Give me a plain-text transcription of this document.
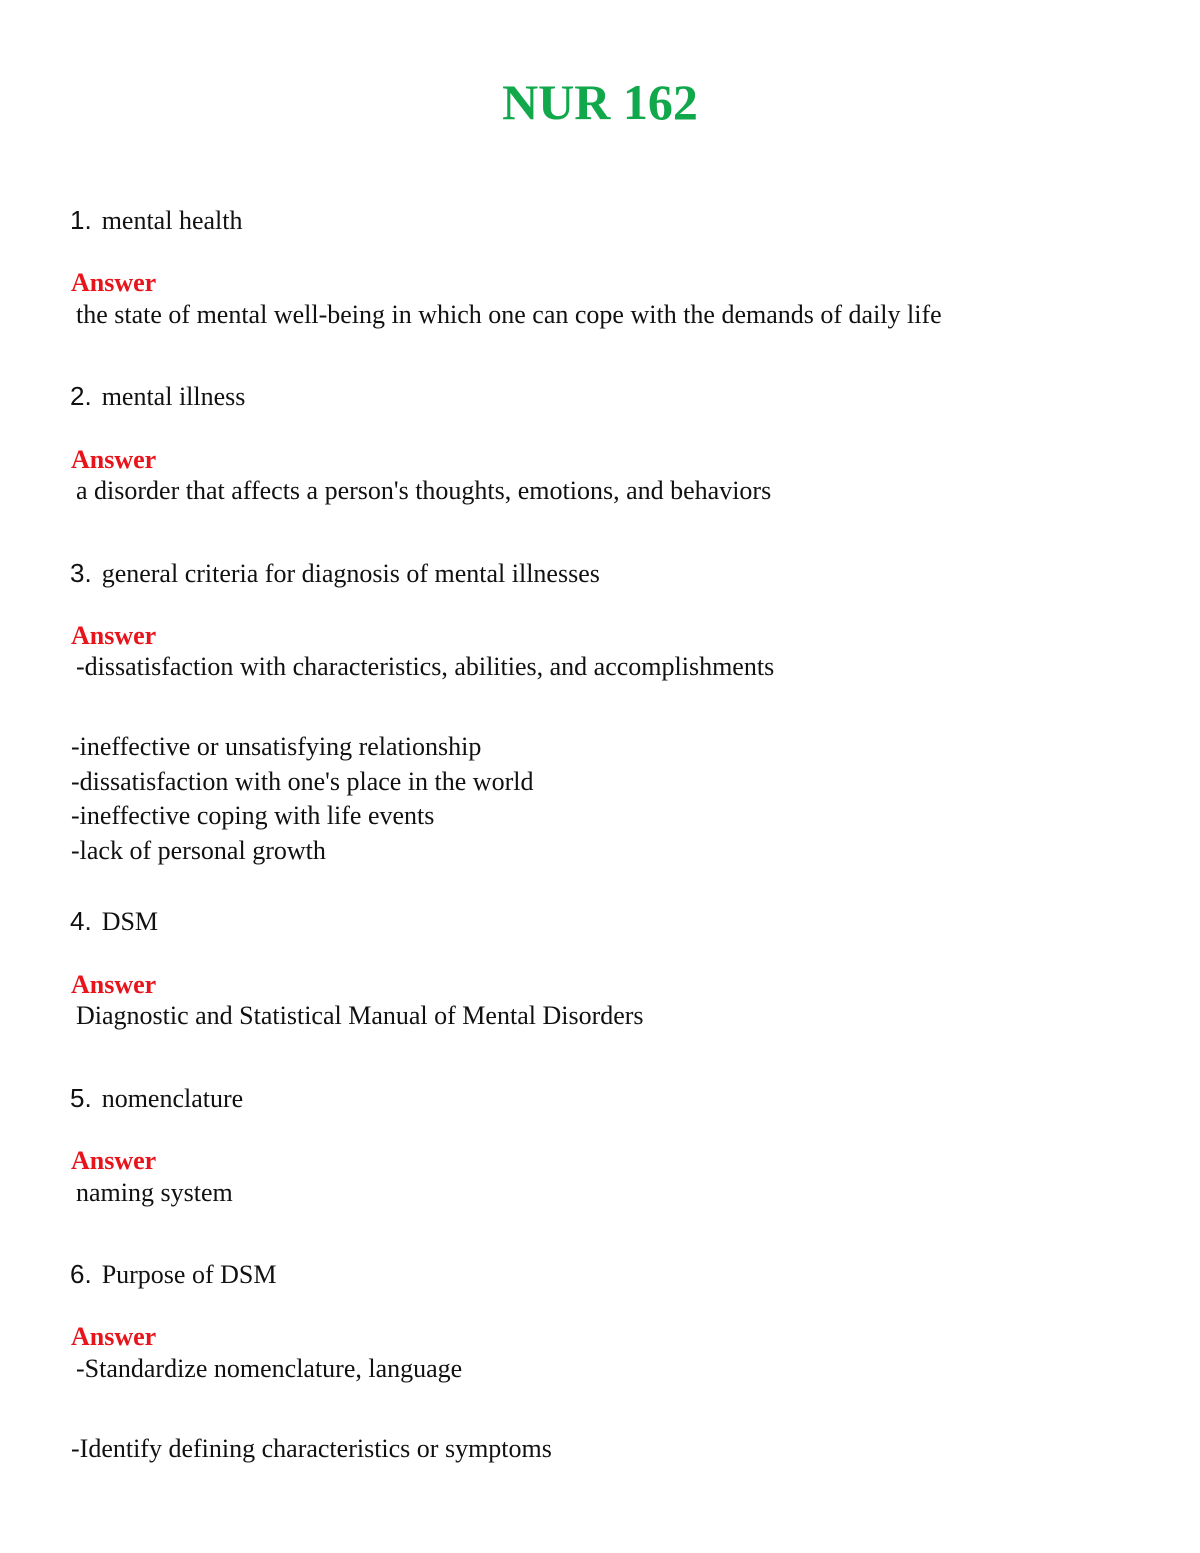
NUR 162
1. mental health
Answer
the state of mental well-being in which one can cope with the demands of daily life
2. mental illness
Answer
a disorder that affects a person's thoughts, emotions, and behaviors
3. general criteria for diagnosis of mental illnesses
Answer
-dissatisfaction with characteristics, abilities, and accomplishments
-ineffective or unsatisfying relationship
-dissatisfaction with one's place in the world
-ineffective coping with life events
-lack of personal growth
4. DSM
Answer
Diagnostic and Statistical Manual of Mental Disorders
5. nomenclature
Answer
naming system
6. Purpose of DSM
Answer
-Standardize nomenclature, language
-Identify defining characteristics or symptoms
